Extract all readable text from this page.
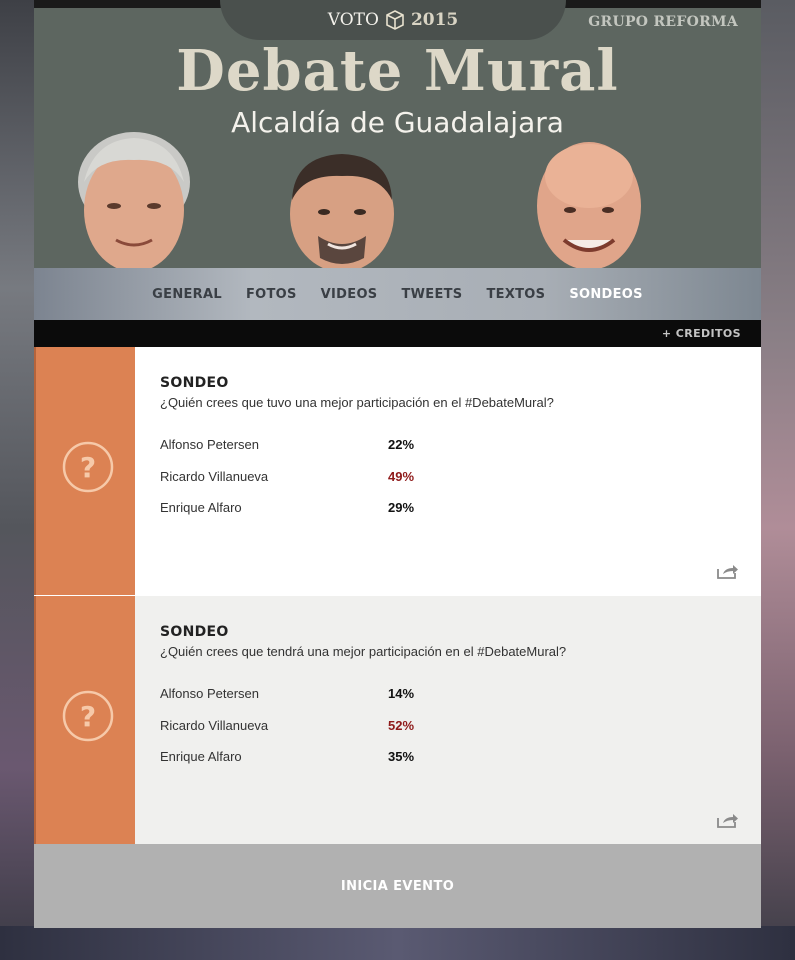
VOTO 2015	GRUPO REFORMA
Debate Mural
Alcaldía de Guadalajara
GENERAL FOTOS VIDEOS TWEETS TEXTOS SONDEOS
+ CREDITOS
?
SONDEO
¿Quién crees que tuvo una mejor participación en el #DebateMural?
Alfonso Petersen	22%
Ricardo Villanueva	49%
Enrique Alfaro	29%
?
SONDEO
¿Quién crees que tendrá una mejor participación en el #DebateMural?
Alfonso Petersen	14%
Ricardo Villanueva	52%
Enrique Alfaro	35%
INICIA EVENTO
